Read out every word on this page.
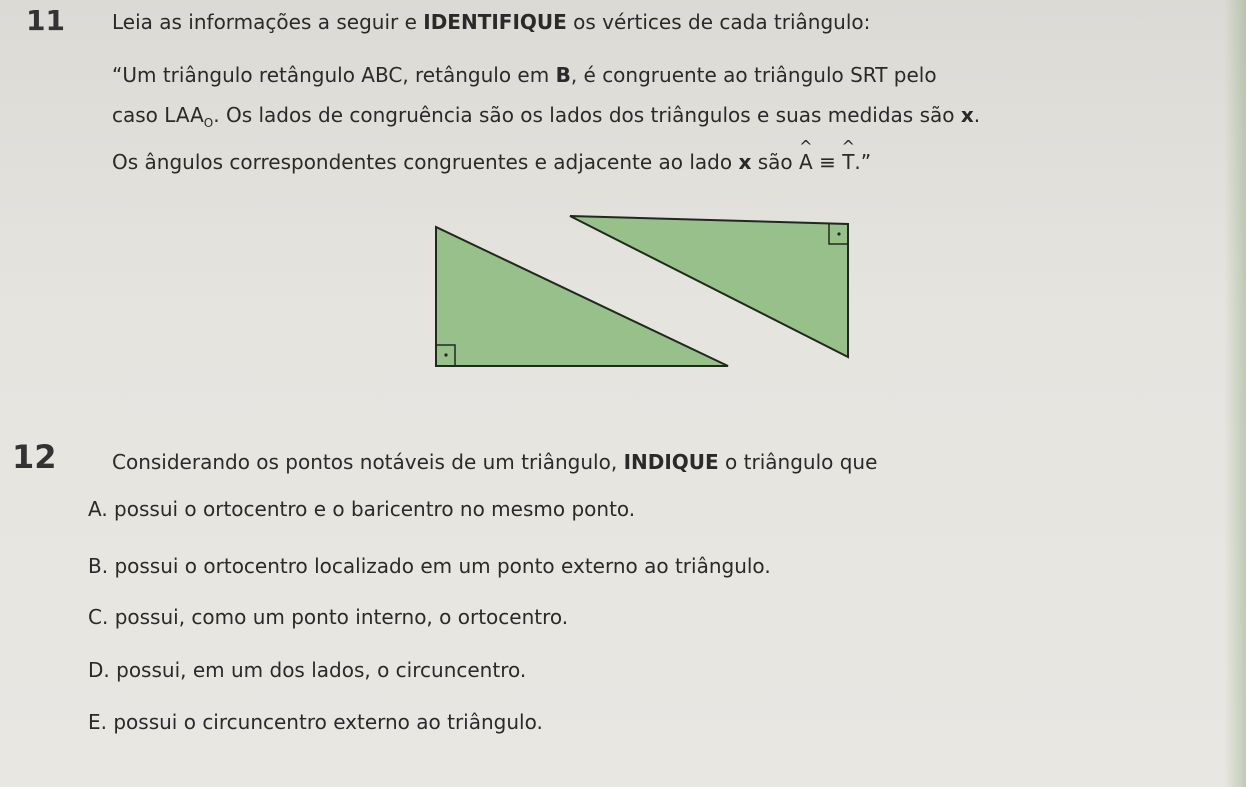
11 Leia as informações a seguir e IDENTIFIQUE os vértices de cada triângulo:
“Um triângulo retângulo ABC, retângulo em B, é congruente ao triângulo SRT pelo
caso $LAA_O$. Os lados de congruência são os lados dos triângulos e suas medidas são x.
Os ângulos correspondentes congruentes e adjacente ao lado x são ^ A ≡ ^ T.”
12	Considerando os pontos notáveis de um triângulo, INDIQUE o triângulo que
A. possui o ortocentro e o baricentro no mesmo ponto.
B. possui o ortocentro localizado em um ponto externo ao triângulo.
C. possui, como um ponto interno, o ortocentro.
D. possui, em um dos lados, o circuncentro.
E. possui o circuncentro externo ao triângulo.
